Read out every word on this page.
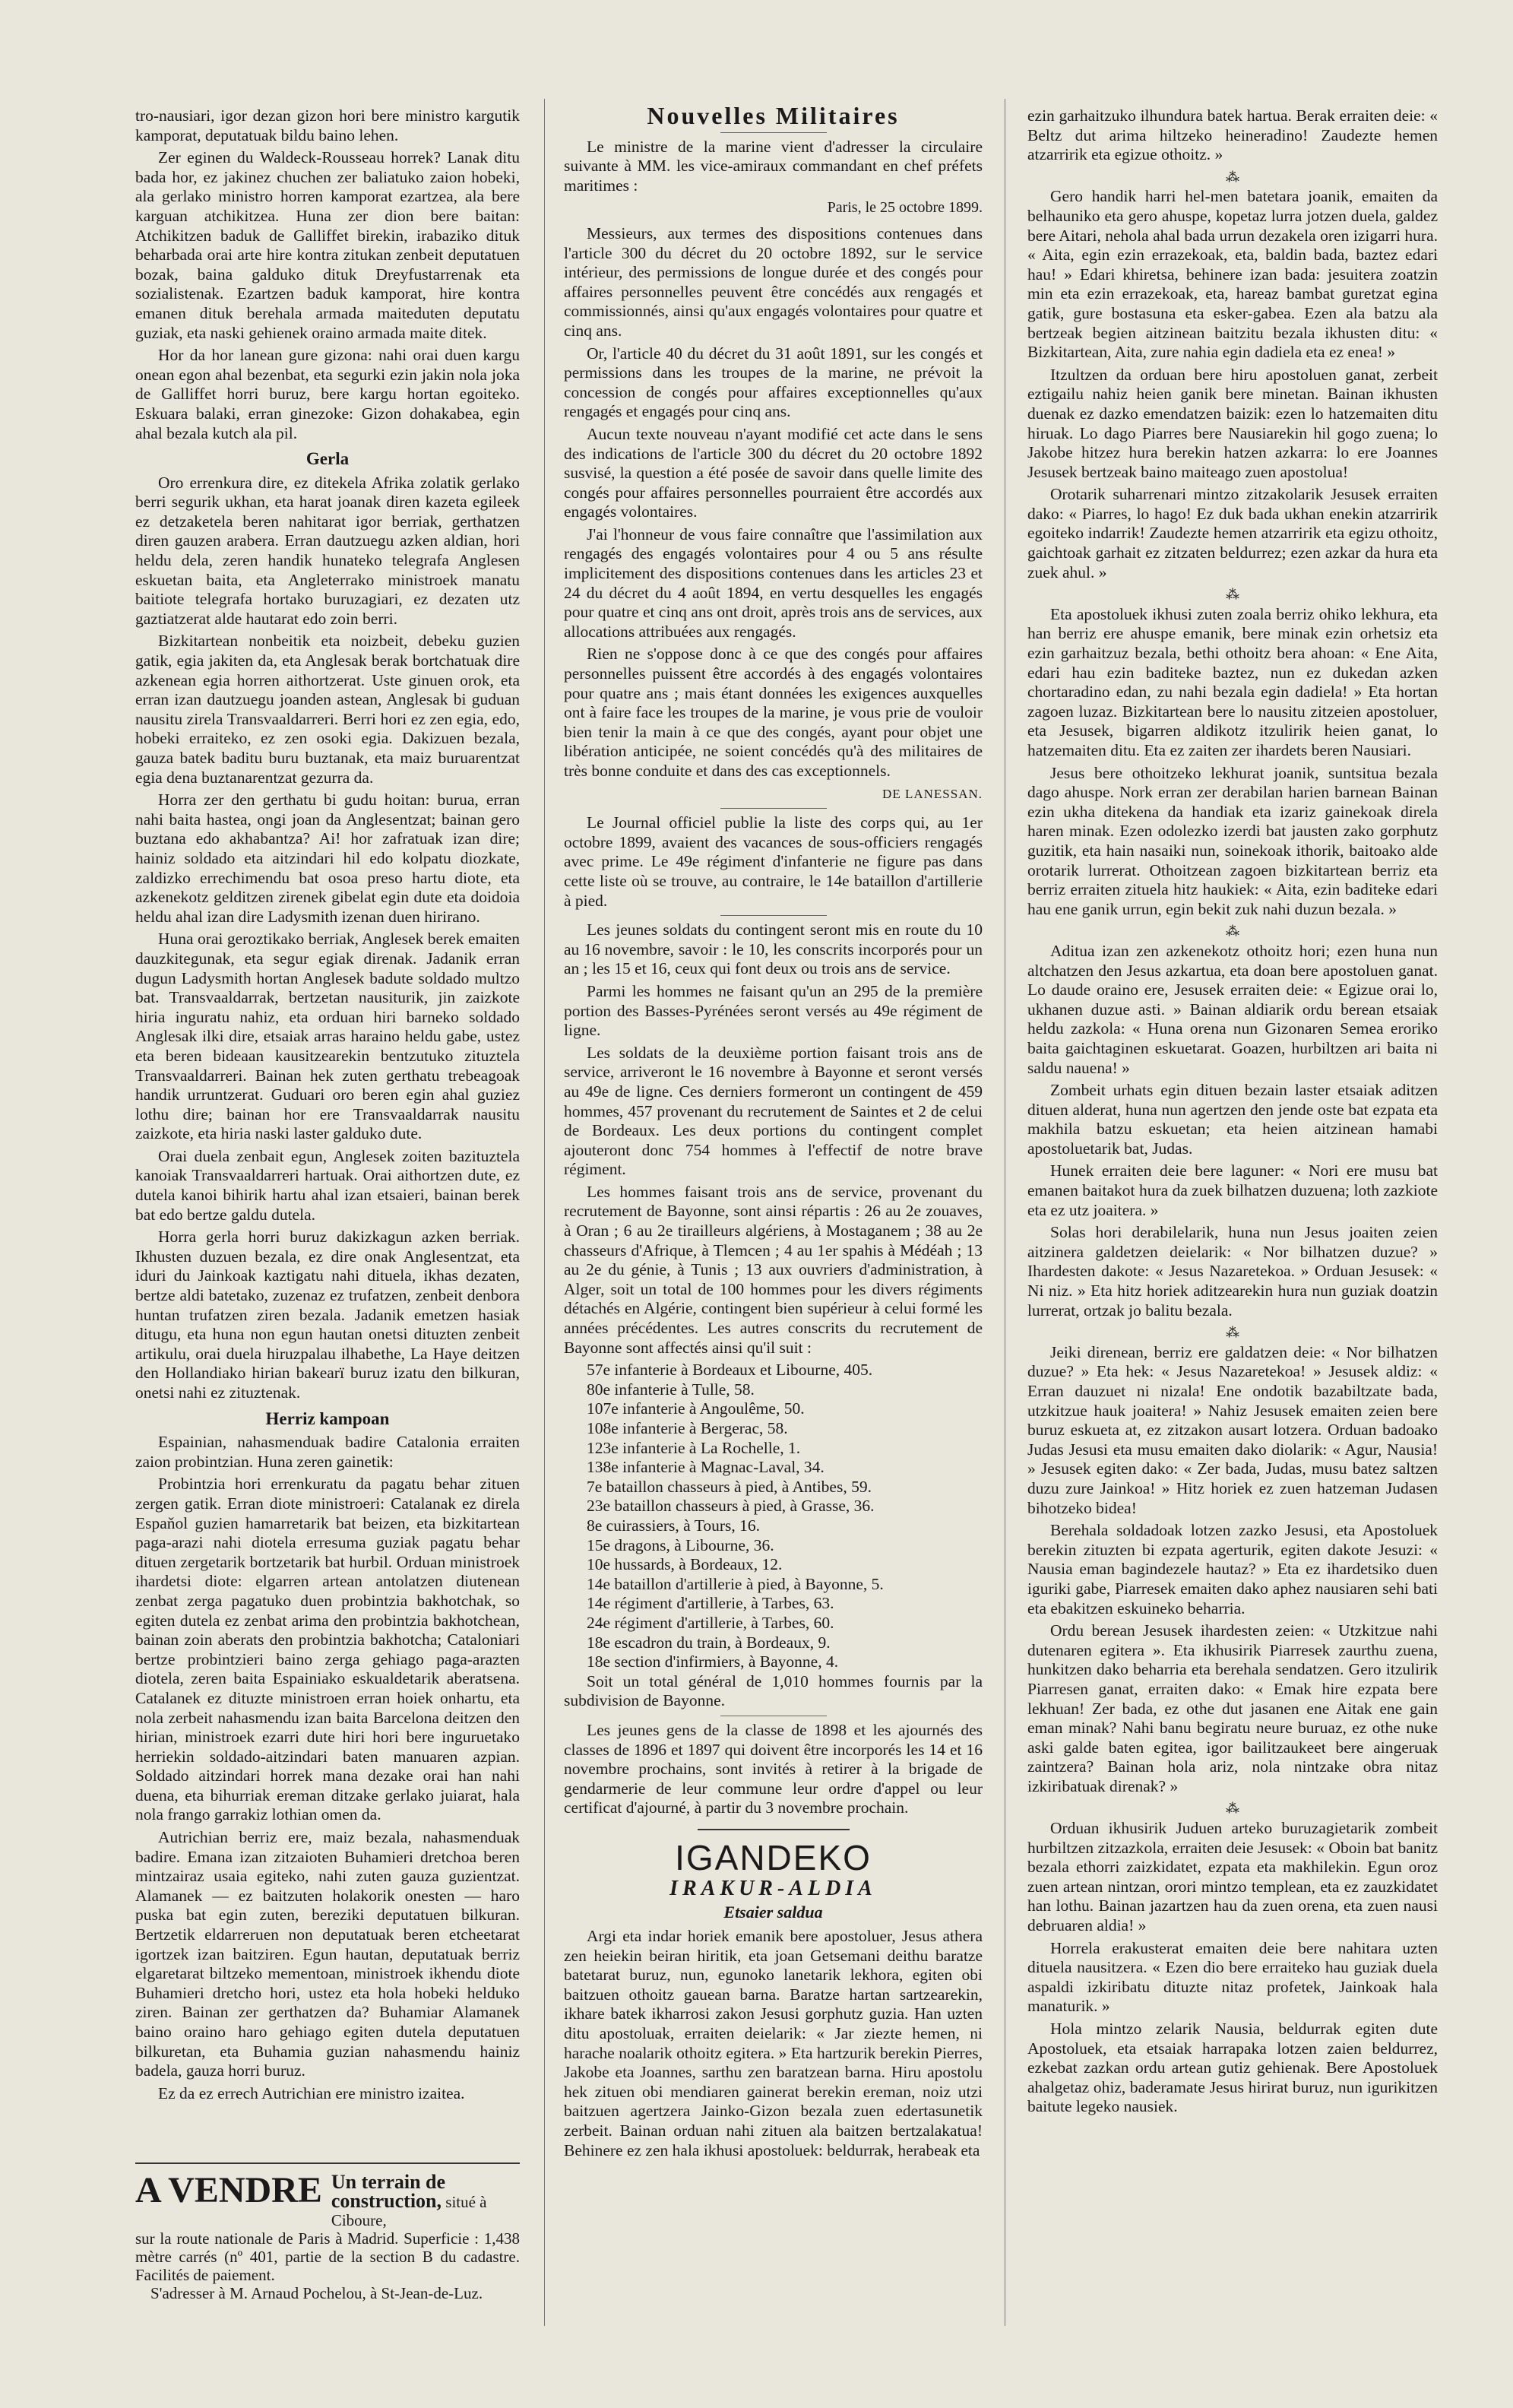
tro-nausiari, igor dezan gizon hori bere ministro kargutik kamporat, deputatuak bildu baino lehen.

Zer eginen du Waldeck-Rousseau horrek? Lanak ditu bada hor, ez jakinez chuchen zer baliatuko zaion hobeki, ala gerlako ministro horren kamporat ezartzea, ala bere karguan atchikitzea. Huna zer dion bere baitan: Atchikitzen baduk de Galliffet birekin, irabaziko dituk beharbada orai arte hire kontra zitukan zenbeit deputatuen bozak, baina galduko dituk Dreyfustarrenak eta sozialistenak. Ezartzen baduk kamporat, hire kontra emanen dituk berehala armada maiteduten deputatu guziak, eta naski gehienek oraino armada maite ditek.

Hor da hor lanean gure gizona: nahi orai duen kargu onean egon ahal bezenbat, eta segurki ezin jakin nola joka de Galliffet horri buruz, bere kargu hortan egoiteko. Eskuara balaki, erran ginezoke: Gizon dohakabea, egin ahal bezala kutch ala pil.

Gerla

Oro errenkura dire, ez ditekela Afrika zolatik gerlako berri segurik ukhan, eta harat joanak diren kazeta egileek ez detzaketela beren nahitarat igor berriak, gerthatzen diren gauzen arabera. Erran dautzuegu azken aldian, hori heldu dela, zeren handik hunateko telegrafa Anglesen eskuetan baita, eta Angleterrako ministroek manatu baitiote telegrafa hortako buruzagiari, ez dezaten utz gaztiatzerat alde hautarat edo zoin berri.

Bizkitartean nonbeitik eta noizbeit, debeku guzien gatik, egia jakiten da, eta Anglesak berak bortchatuak dire azkenean egia horren aithortzerat. Uste ginuen orok, eta erran izan dautzuegu joanden astean, Anglesak bi guduan nausitu zirela Transvaaldarreri. Berri hori ez zen egia, edo, hobeki erraiteko, ez zen osoki egia. Dakizuen bezala, gauza batek baditu buru buztanak, eta maiz buruarentzat egia dena buztanarentzat gezurra da.

Horra zer den gerthatu bi gudu hoitan: burua, erran nahi baita hastea, ongi joan da Anglesentzat; bainan gero buztana edo akhabantza? Ai! hor zafratuak izan dire; hainiz soldado eta aitzindari hil edo kolpatu diozkate, zaldizko errechimendu bat osoa preso hartu diote, eta azkenekotz gelditzen zirenek gibelat egin dute eta doidoia heldu ahal izan dire Ladysmith izenan duen hirirano.

Huna orai geroztikako berriak, Anglesek berek emaiten dauzkitegunak, eta segur egiak direnak. Jadanik erran dugun Ladysmith hortan Anglesek badute soldado multzo bat. Transvaaldarrak, bertzetan nausiturik, jin zaizkote hiria inguratu nahiz, eta orduan hiri barneko soldado Anglesak ilki dire, etsaiak arras haraino heldu gabe, ustez eta beren bideaan kausitzearekin bentzutuko zituztela Transvaaldarreri. Bainan hek zuten gerthatu trebeagoak handik urruntzerat. Guduari oro beren egin ahal guziez lothu dire; bainan hor ere Transvaaldarrak nausitu zaizkote, eta hiria naski laster galduko dute.

Orai duela zenbait egun, Anglesek zoiten bazituztela kanoiak Transvaaldarreri hartuak. Orai aithortzen dute, ez dutela kanoi bihirik hartu ahal izan etsaieri, bainan berek bat edo bertze galdu dutela.

Horra gerla horri buruz dakizkagun azken berriak. Ikhusten duzuen bezala, ez dire onak Anglesentzat, eta iduri du Jainkoak kaztigatu nahi dituela, ikhas dezaten, bertze aldi batetako, zuzenaz ez trufatzen, zenbeit denbora huntan trufatzen ziren bezala. Jadanik emetzen hasiak ditugu, eta huna non egun hautan onetsi dituzten zenbeit artikulu, orai duela hiruzpalau ilhabethe, La Haye deitzen den Hollandiako hirian bakearï buruz izatu den bilkuran, onetsi nahi ez zituztenak.

Herriz kampoan

Espainian, nahasmenduak badire Catalonia erraiten zaion probintzian. Huna zeren gainetik:

Probintzia hori errenkuratu da pagatu behar zituen zergen gatik. Erran diote ministroeri: Catalanak ez direla Espaňol guzien hamarretarik bat beizen, eta bizkitartean paga-arazi nahi diotela erresuma guziak pagatu behar dituen zergetarik bortzetarik bat hurbil. Orduan ministroek ihardetsi diote: elgarren artean antolatzen diutenean zenbat zerga pagatuko duen probintzia bakhotchak, so egiten dutela ez zenbat arima den probintzia bakhotchean, bainan zoin aberats den probintzia bakhotcha; Cataloniari bertze probintzieri baino zerga gehiago paga-arazten diotela, zeren baita Espainiako eskualdetarik aberatsena. Catalanek ez dituzte ministroen erran hoiek onhartu, eta nola zerbeit nahasmendu izan baita Barcelona deitzen den hirian, ministroek ezarri dute hiri hori bere inguruetako herriekin soldado-aitzindari baten manuaren azpian. Soldado aitzindari horrek mana dezake orai han nahi duena, eta bihurriak ereman ditzake gerlako juiarat, hala nola frango garrakiz lothian omen da.

Autrichian berriz ere, maiz bezala, nahasmenduak badire. Emana izan zitzaioten Buhamieri dretchoa beren mintzairaz usaia egiteko, nahi zuten gauza guzientzat. Alamanek — ez baitzuten holakorik onesten — haro puska bat egin zuten, bereziki deputatuen bilkuran. Bertzetik eldarreruen non deputatuak beren etcheetarat igortzek izan baitziren. Egun hautan, deputatuak berriz elgaretarat biltzeko mementoan, ministroek ikhendu diote Buhamieri dretcho hori, ustez eta hola hobeki helduko ziren. Bainan zer gerthatzen da? Buhamiar Alamanek baino oraino haro gehiago egiten dutela deputatuen bilkuretan, eta Buhamia guzian nahasmendu hainiz badela, gauza horri buruz.

Ez da ez errech Autrichian ere ministro izaitea.

A VENDRE Un terrain de construction, situé à Ciboure,
sur la route nationale de Paris à Madrid. Superficie : 1,438 mètre carrés (nº 401, partie de la section B du cadastre. Facilités de paiement.
S'adresser à M. Arnaud Pochelou, à St-Jean-de-Luz.
Nouvelles Militaires

Le ministre de la marine vient d'adresser la circulaire suivante à MM. les vice-amiraux commandant en chef préfets maritimes :

Paris, le 25 octobre 1899.

Messieurs, aux termes des dispositions contenues dans l'article 300 du décret du 20 octobre 1892, sur le service intérieur, des permissions de longue durée et des congés pour affaires personnelles peuvent être concédés aux rengagés et commissionnés, ainsi qu'aux engagés volontaires pour quatre et cinq ans.

Or, l'article 40 du décret du 31 août 1891, sur les congés et permissions dans les troupes de la marine, ne prévoit la concession de congés pour affaires exceptionnelles qu'aux rengagés et engagés pour cinq ans.

Aucun texte nouveau n'ayant modifié cet acte dans le sens des indications de l'article 300 du décret du 20 octobre 1892 susvisé, la question a été posée de savoir dans quelle limite des congés pour affaires personnelles pourraient être accordés aux engagés volontaires.

J'ai l'honneur de vous faire connaître que l'assimilation aux rengagés des engagés volontaires pour 4 ou 5 ans résulte implicitement des dispositions contenues dans les articles 23 et 24 du décret du 4 août 1894, en vertu desquelles les engagés pour quatre et cinq ans ont droit, après trois ans de services, aux allocations attribuées aux rengagés.

Rien ne s'oppose donc à ce que des congés pour affaires personnelles puissent être accordés à des engagés volontaires pour quatre ans ; mais étant données les exigences auxquelles ont à faire face les troupes de la marine, je vous prie de vouloir bien tenir la main à ce que des congés, ayant pour objet une libération anticipée, ne soient concédés qu'à des militaires de très bonne conduite et dans des cas exceptionnels.

DE LANESSAN.

Le Journal officiel publie la liste des corps qui, au 1er octobre 1899, avaient des vacances de sous-officiers rengagés avec prime. Le 49e régiment d'infanterie ne figure pas dans cette liste où se trouve, au contraire, le 14e bataillon d'artillerie à pied.

Les jeunes soldats du contingent seront mis en route du 10 au 16 novembre, savoir : le 10, les conscrits incorporés pour un an ; les 15 et 16, ceux qui font deux ou trois ans de service.

Parmi les hommes ne faisant qu'un an 295 de la première portion des Basses-Pyrénées seront versés au 49e régiment de ligne.

Les soldats de la deuxième portion faisant trois ans de service, arriveront le 16 novembre à Bayonne et seront versés au 49e de ligne. Ces derniers formeront un contingent de 459 hommes, 457 provenant du recrutement de Saintes et 2 de celui de Bordeaux. Les deux portions du contingent complet ajouteront donc 754 hommes à l'effectif de notre brave régiment.

Les hommes faisant trois ans de service, provenant du recrutement de Bayonne, sont ainsi répartis : 26 au 2e zouaves, à Oran ; 6 au 2e tirailleurs algériens, à Mostaganem ; 38 au 2e chasseurs d'Afrique, à Tlemcen ; 4 au 1er spahis à Médéah ; 13 au 2e du génie, à Tunis ; 13 aux ouvriers d'administration, à Alger, soit un total de 100 hommes pour les divers régiments détachés en Algérie, contingent bien supérieur à celui formé les années précédentes. Les autres conscrits du recrutement de Bayonne sont affectés ainsi qu'il suit :

57e infanterie à Bordeaux et Libourne, 405.
80e infanterie à Tulle, 58.
107e infanterie à Angoulême, 50.
108e infanterie à Bergerac, 58.
123e infanterie à La Rochelle, 1.
138e infanterie à Magnac-Laval, 34.
7e bataillon chasseurs à pied, à Antibes, 59.
23e bataillon chasseurs à pied, à Grasse, 36.
8e cuirassiers, à Tours, 16.
15e dragons, à Libourne, 36.
10e hussards, à Bordeaux, 12.
14e bataillon d'artillerie à pied, à Bayonne, 5.
14e régiment d'artillerie, à Tarbes, 63.
24e régiment d'artillerie, à Tarbes, 60.
18e escadron du train, à Bordeaux, 9.
18e section d'infirmiers, à Bayonne, 4.

Soit un total général de 1,010 hommes fournis par la subdivision de Bayonne.

Les jeunes gens de la classe de 1898 et les ajournés des classes de 1896 et 1897 qui doivent être incorporés les 14 et 16 novembre prochains, sont invités à retirer à la brigade de gendarmerie de leur commune leur ordre d'appel ou leur certificat d'ajourné, à partir du 3 novembre prochain.

IGANDEKO
IRAKUR-ALDIA
Etsaier saldua

Argi eta indar horiek emanik bere apostoluer, Jesus athera zen heiekin beiran hiritik, eta joan Getsemani deithu baratze batetarat buruz, nun, egunoko lanetarik lekhora, egiten obi baitzuen othoitz gauean barna. Baratze hartan sartzearekin, ikhare batek ikharrosi zakon Jesusi gorphutz guzia. Han uzten ditu apostoluak, erraiten deielarik: « Jar ziezte hemen, ni harache noalarik othoitz egitera. » Eta hartzurik berekin Pierres, Jakobe eta Joannes, sarthu zen baratzean barna. Hiru apostolu hek zituen obi mendiaren gainerat berekin ereman, noiz utzi baitzuen agertzera Jainko-Gizon bezala zuen edertasunetik zerbeit. Bainan orduan nahi zituen ala baitzen bertzalakatua! Behinere ez zen hala ikhusi apostoluek: beldurrak, herabeak eta

ezin garhaitzuko ilhundura batek hartua. Berak erraiten deie: « Beltz dut arima hiltzeko heineradino! Zaudezte hemen atzarririk eta egizue othoitz. »

⁂

Gero handik harri hel-men batetara joanik, emaiten da belhauniko eta gero ahuspe, kopetaz lurra jotzen duela, galdez bere Aitari, nehola ahal bada urrun dezakela oren izigarri hura. « Aita, egin ezin errazekoak, eta, baldin bada, baztez edari hau! » Edari khiretsa, behinere izan bada: jesuitera zoatzin min eta ezin errazekoak, eta, hareaz bambat guretzat egina gatik, gure bostasuna eta esker-gabea. Ezen ala batzu ala bertzeak begien aitzinean baitzitu bezala ikhusten ditu: « Bizkitartean, Aita, zure nahia egin dadiela eta ez enea! »

Itzultzen da orduan bere hiru apostoluen ganat, zerbeit eztigailu nahiz heien ganik bere minetan. Bainan ikhusten duenak ez dazko emendatzen baizik: ezen lo hatzemaiten ditu hiruak. Lo dago Piarres bere Nausiarekin hil gogo zuena; lo Jakobe hitzez hura berekin hatzen azkarra: lo ere Joannes Jesusek bertzeak baino maiteago zuen apostolua!

Orotarik suharrenari mintzo zitzakolarik Jesusek erraiten dako: « Piarres, lo hago! Ez duk bada ukhan enekin atzarririk egoiteko indarrik! Zaudezte hemen atzarririk eta egizu othoitz, gaichtoak garhait ez zitzaten beldurrez; ezen azkar da hura eta zuek ahul. »

⁂

Eta apostoluek ikhusi zuten zoala berriz ohiko lekhura, eta han berriz ere ahuspe emanik, bere minak ezin orhetsiz eta ezin garhaitzuz bezala, bethi othoitz bera ahoan: « Ene Aita, edari hau ezin baditeke baztez, nun ez dukedan azken chortaradino edan, zu nahi bezala egin dadiela! » Eta hortan zagoen luzaz. Bizkitartean bere lo nausitu zitzeien apostoluer, eta Jesusek, bigarren aldikotz itzulirik heien ganat, lo hatzemaiten ditu. Eta ez zaiten zer ihardets beren Nausiari.

Jesus bere othoitzeko lekhurat joanik, suntsitua bezala dago ahuspe. Nork erran zer derabilan harien barnean Bainan ezin ukha ditekena da handiak eta izariz gainekoak direla haren minak. Ezen odolezko izerdi bat jausten zako gorphutz guzitik, eta hain nasaiki nun, soinekoak ithorik, baitoako alde orotarik lurrerat. Othoitzean zagoen bizkitartean berriz eta berriz erraiten zituela hitz haukiek: « Aita, ezin baditeke edari hau ene ganik urrun, egin bekit zuk nahi duzun bezala. »

⁂

Aditua izan zen azkenekotz othoitz hori; ezen huna nun altchatzen den Jesus azkartua, eta doan bere apostoluen ganat. Lo daude oraino ere, Jesusek erraiten deie: « Egizue orai lo, ukhanen duzue asti. » Bainan aldiarik ordu berean etsaiak heldu zazkola: « Huna orena nun Gizonaren Semea eroriko baita gaichtaginen eskuetarat. Goazen, hurbiltzen ari baita ni saldu nauena! »

Zombeit urhats egin dituen bezain laster etsaiak aditzen dituen alderat, huna nun agertzen den jende oste bat ezpata eta makhila batzu eskuetan; eta heien aitzinean hamabi apostoluetarik bat, Judas.

Hunek erraiten deie bere laguner: « Nori ere musu bat emanen baitakot hura da zuek bilhatzen duzuena; loth zazkiote eta ez utz joaitera. »

Solas hori derabilelarik, huna nun Jesus joaiten zeien aitzinera galdetzen deielarik: « Nor bilhatzen duzue? » Ihardesten dakote: « Jesus Nazaretekoa. » Orduan Jesusek: « Ni niz. » Eta hitz horiek aditzearekin hura nun guziak doatzin lurrerat, ortzak jo balitu bezala.

⁂

Jeiki direnean, berriz ere galdatzen deie: « Nor bilhatzen duzue? » Eta hek: « Jesus Nazaretekoa! » Jesusek aldiz: « Erran dauzuet ni nizala! Ene ondotik bazabiltzate bada, utzkitzue hauk joaitera! » Nahiz Jesusek emaiten zeien bere buruz eskueta at, ez zitzakon ausart lotzera. Orduan badoako Judas Jesusi eta musu emaiten dako diolarik: « Agur, Nausia! » Jesusek egiten dako: « Zer bada, Judas, musu batez saltzen duzu zure Jainkoa! » Hitz horiek ez zuen hatzeman Judasen bihotzeko bidea!

Berehala soldadoak lotzen zazko Jesusi, eta Apostoluek berekin zituzten bi ezpata agerturik, egiten dakote Jesuzi: « Nausia eman bagindezele hautaz? » Eta ez ihardetsiko duen iguriki gabe, Piarresek emaiten dako aphez nausiaren sehi bati eta ebakitzen eskuineko beharria.

Ordu berean Jesusek ihardesten zeien: « Utzkitzue nahi dutenaren egitera ». Eta ikhusirik Piarresek zaurthu zuena, hunkitzen dako beharria eta berehala sendatzen. Gero itzulirik Piarresen ganat, erraiten dako: « Emak hire ezpata bere lekhuan! Zer bada, ez othe dut jasanen ene Aitak ene gain eman minak? Nahi banu begiratu neure buruaz, ez othe nuke aski galde baten egitea, igor bailitzaukeet bere aingeruak zaintzera? Bainan hola ariz, nola nintzake obra nitaz izkiribatuak direnak? »

⁂

Orduan ikhusirik Juduen arteko buruzagietarik zombeit hurbiltzen zitzazkola, erraiten deie Jesusek: « Oboin bat banitz bezala ethorri zaizkidatet, ezpata eta makhilekin. Egun oroz zuen artean nintzan, orori mintzo templean, eta ez zauzkidatet han lothu. Bainan jazartzen hau da zuen orena, eta zuen nausi debruaren aldia! »

Horrela erakusterat emaiten deie bere nahitara uzten dituela nausitzera. « Ezen dio bere erraiteko hau guziak duela aspaldi izkiribatu dituzte nitaz profetek, Jainkoak hala manaturik. »

Hola mintzo zelarik Nausia, beldurrak egiten dute Apostoluek, eta etsaiak harrapaka lotzen zaien beldurrez, ezkebat zazkan ordu artean gutiz gehienak. Bere Apostoluek ahalgetaz ohiz, baderamate Jesus hirirat buruz, nun igurikitzen baitute legeko nausiek.
